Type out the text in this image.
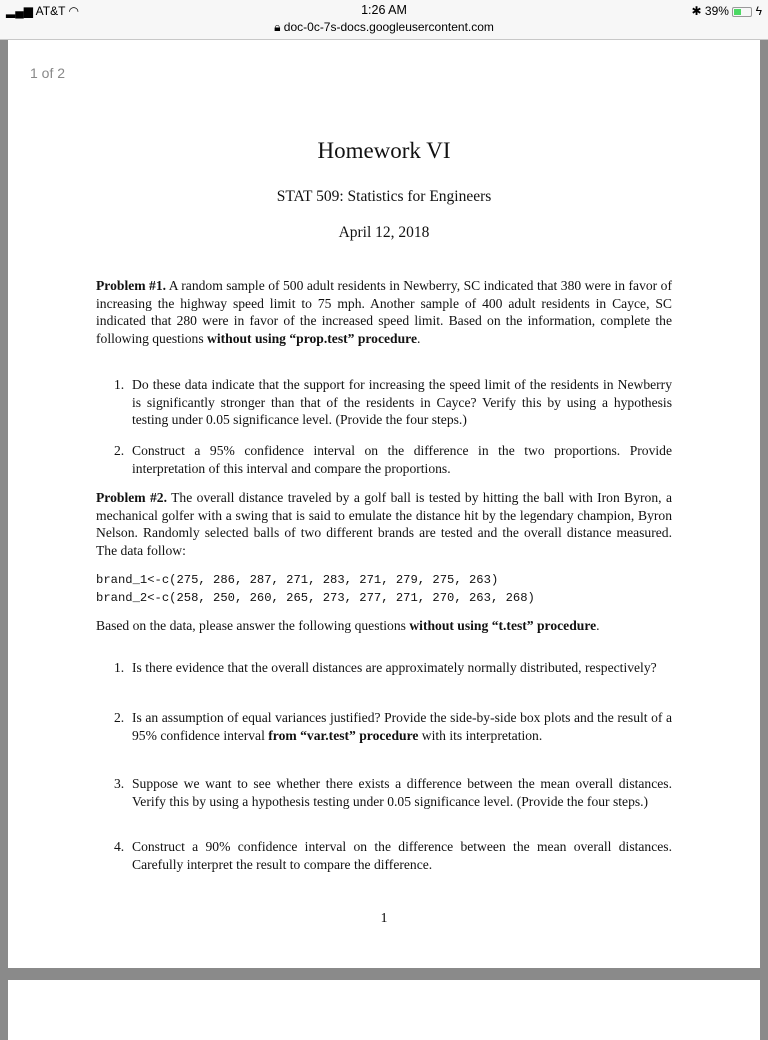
▂▄▆ AT&T ◠	1:26 AM
🔒︎ doc-0c-7s-docs.googleusercontent.com
✱ 39% ϟ
1 of 2
Homework VI
STAT 509: Statistics for Engineers
April 12, 2018
Problem #1. A random sample of 500 adult residents in Newberry, SC indicated that 380 were in favor of increasing the highway speed limit to 75 mph. Another sample of 400 adult residents in Cayce, SC indicated that 280 were in favor of the increased speed limit. Based on the information, complete the following questions without using “prop.test” procedure.
1. Do these data indicate that the support for increasing the speed limit of the residents in Newberry is significantly stronger than that of the residents in Cayce? Verify this by using a hypothesis testing under 0.05 significance level. (Provide the four steps.)
2. Construct a 95% confidence interval on the difference in the two proportions. Provide interpretation of this interval and compare the proportions.
Problem #2. The overall distance traveled by a golf ball is tested by hitting the ball with Iron Byron, a mechanical golfer with a swing that is said to emulate the distance hit by the legendary champion, Byron Nelson. Randomly selected balls of two different brands are tested and the overall distance measured. The data follow:
brand_1<-c(275, 286, 287, 271, 283, 271, 279, 275, 263)
brand_2<-c(258, 250, 260, 265, 273, 277, 271, 270, 263, 268)
Based on the data, please answer the following questions without using “t.test” procedure.
1. Is there evidence that the overall distances are approximately normally distributed, respectively?
2. Is an assumption of equal variances justified? Provide the side-by-side box plots and the result of a 95% confidence interval from “var.test” procedure with its interpretation.
3. Suppose we want to see whether there exists a difference between the mean overall distances. Verify this by using a hypothesis testing under 0.05 significance level. (Provide the four steps.)
4. Construct a 90% confidence interval on the difference between the mean overall distances. Carefully interpret the result to compare the difference.
1
